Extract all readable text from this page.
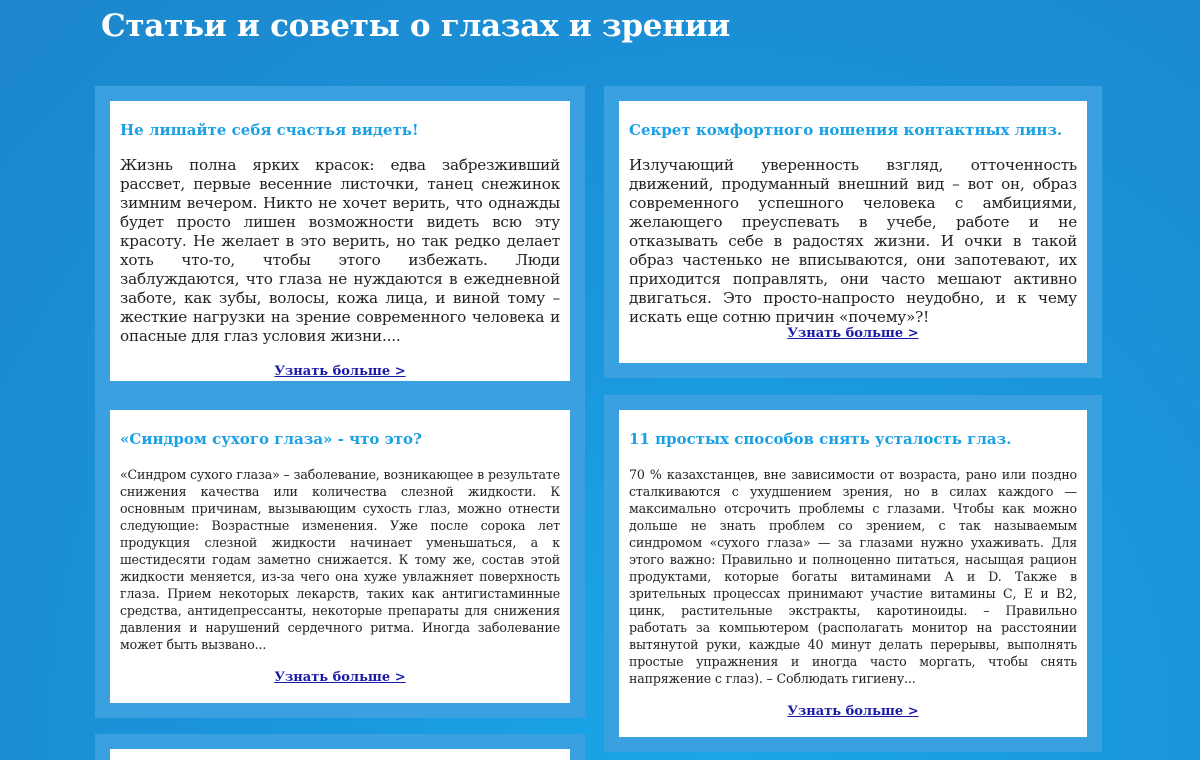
Статьи и советы о глазах и зрении
Не лишайте себя счастья видеть!

Жизнь полна ярких красок: едва забрезживший рассвет, первые весенние листочки, танец снежинок зимним вечером. Никто не хочет верить, что однажды будет просто лишен возможности видеть всю эту красоту. Не желает в это верить, но так редко делает хоть что-то, чтобы этого избежать. Люди заблуждаются, что глаза не нуждаются в ежедневной заботе, как зубы, волосы, кожа лица, и виной тому – жесткие нагрузки на зрение современного человека и опасные для глаз условия жизни....

Узнать больше >
Секрет комфортного ношения контактных линз.

Излучающий уверенность взгляд, отточенность движений, продуманный внешний вид – вот он, образ современного успешного человека с амбициями, желающего преуспевать в учебе, работе и не отказывать себе в радостях жизни. И очки в такой образ частенько не вписываются, они запотевают, их приходится поправлять, они часто мешают активно двигаться. Это просто-напросто неудобно, и к чему искать еще сотню причин «почему»?!

Узнать больше >
«Синдром сухого глаза» - что это?

«Синдром сухого глаза» – заболевание, возникающее в результате снижения качества или количества слезной жидкости. К основным причинам, вызывающим сухость глаз, можно отнести следующие: Возрастные изменения. Уже после сорока лет продукция слезной жидкости начинает уменьшаться, а к шестидесяти годам заметно снижается. К тому же, состав этой жидкости меняется, из-за чего она хуже увлажняет поверхность глаза. Прием некоторых лекарств, таких как антигистаминные средства, антидепрессанты, некоторые препараты для снижения давления и нарушений сердечного ритма. Иногда заболевание может быть вызвано...

Узнать больше >
11 простых способов снять усталость глаз.

70 % казахстанцев, вне зависимости от возраста, рано или поздно сталкиваются с ухудшением зрения, но в силах каждого — максимально отсрочить проблемы с глазами. Чтобы как можно дольше не знать проблем со зрением, с так называемым синдромом «сухого глаза» — за глазами нужно ухаживать. Для этого важно: Правильно и полноценно питаться, насыщая рацион продуктами, которые богаты витаминами А и D. Также в зрительных процессах принимают участие витамины С, Е и В2, цинк, растительные экстракты, каротиноиды. – Правильно работать за компьютером (располагать монитор на расстоянии вытянутой руки, каждые 40 минут делать перерывы, выполнять простые упражнения и иногда часто моргать, чтобы снять напряжение с глаз). – Соблюдать гигиену...

Узнать больше >
